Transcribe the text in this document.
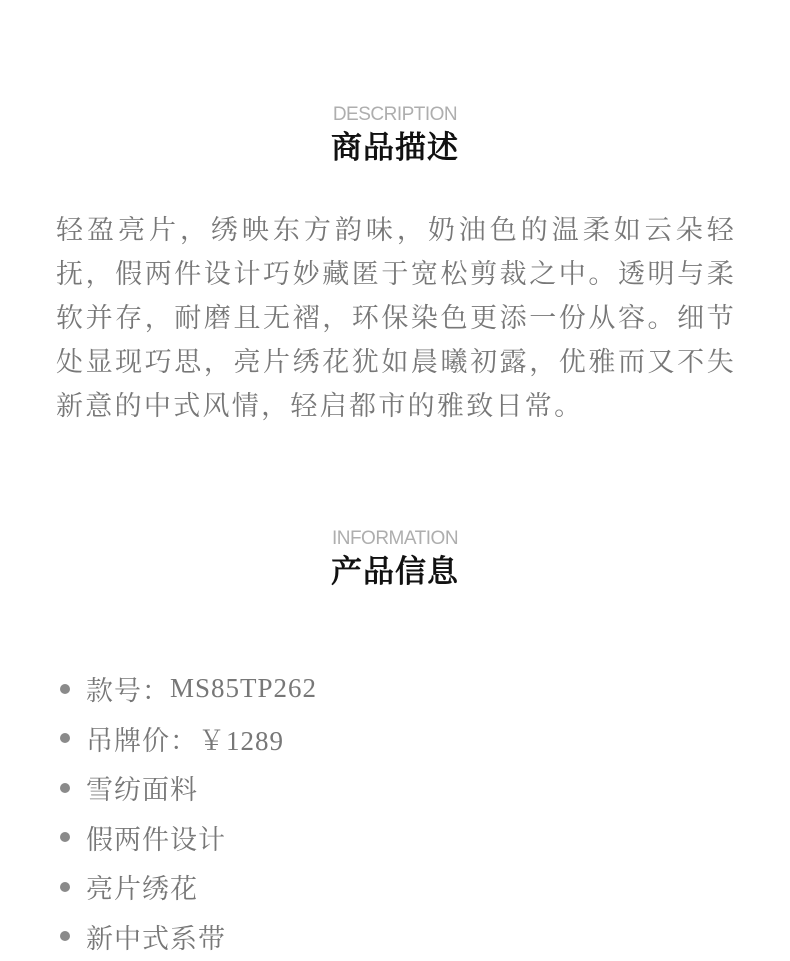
DESCRIPTION
商品描述

轻盈亮片，绣映东方韵味，奶油色的温柔如云朵轻抚，假两件设计巧妙藏匿于宽松剪裁之中。透明与柔软并存，耐磨且无褶，环保染色更添一份从容。细节处显现巧思，亮片绣花犹如晨曦初露，优雅而又不失新意的中式风情，轻启都市的雅致日常。

INFORMATION
产品信息
款号： MS85TP262
吊牌价： ￥1289
雪纺面料
假两件设计
亮片绣花
新中式系带
